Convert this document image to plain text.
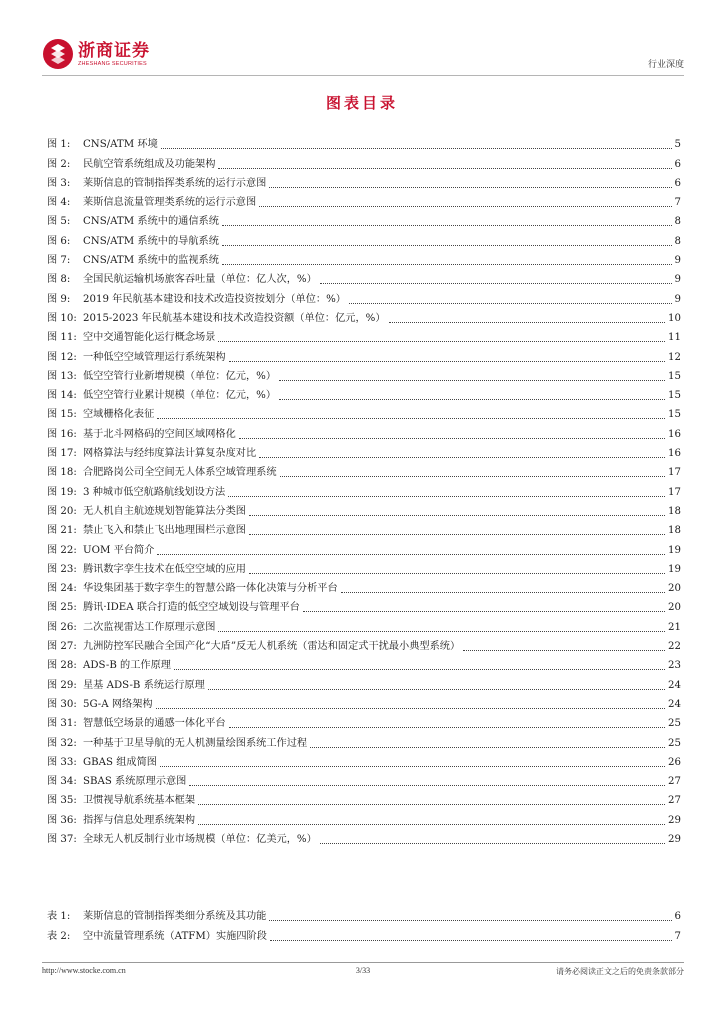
浙商证券
ZHESHANG SECURITIES	行业深度
图表目录
图 1:	CNS/ATM 环境	5
图 2:	民航空管系统组成及功能架构	6
图 3:	莱斯信息的管制指挥类系统的运行示意图	6
图 4:	莱斯信息流量管理类系统的运行示意图	7
图 5:	CNS/ATM 系统中的通信系统	8
图 6:	CNS/ATM 系统中的导航系统	8
图 7:	CNS/ATM 系统中的监视系统	9
图 8:	全国民航运输机场旅客吞吐量（单位：亿人次，%）	9
图 9:	2019 年民航基本建设和技术改造投资按划分（单位：%）	9
图 10: 2015-2023 年民航基本建设和技术改造投资额（单位：亿元，%）	10
图 11: 空中交通智能化运行概念场景	11
图 12: 一种低空空域管理运行系统架构	12
图 13: 低空空管行业新增规模（单位：亿元，%）	15
图 14: 低空空管行业累计规模（单位：亿元，%）	15
图 15: 空域栅格化表征	15
图 16: 基于北斗网格码的空间区域网格化	16
图 17: 网格算法与经纬度算法计算复杂度对比	16
图 18: 合肥路岗公司全空间无人体系空域管理系统	17
图 19: 3 种城市低空航路航线划设方法	17
图 20: 无人机自主航迹规划智能算法分类图	18
图 21: 禁止飞入和禁止飞出地理围栏示意图	18
图 22: UOM 平台简介	19
图 23: 腾讯数字孪生技术在低空空域的应用	19
图 24: 华设集团基于数字孪生的智慧公路一体化决策与分析平台	20
图 25: 腾讯·IDEA 联合打造的低空空域划设与管理平台	20
图 26: 二次监视雷达工作原理示意图	21
图 27: 九洲防控军民融合全国产化“大盾”反无人机系统（雷达和固定式干扰最小典型系统）	22
图 28: ADS-B 的工作原理	23
图 29: 星基 ADS-B 系统运行原理	24
图 30: 5G-A 网络架构	24
图 31: 智慧低空场景的通感一体化平台	25
图 32: 一种基于卫星导航的无人机测量绘图系统工作过程	25
图 33: GBAS 组成简图	26
图 34: SBAS 系统原理示意图	27
图 35: 卫惯视导航系统基本框架	27
图 36: 指挥与信息处理系统架构	29
图 37: 全球无人机反制行业市场规模（单位：亿美元，%）	29
表 1:	莱斯信息的管制指挥类细分系统及其功能	6
表 2:	空中流量管理系统（ATFM）实施四阶段	7
http://www.stocke.com.cn	3/33	请务必阅读正文之后的免责条款部分
